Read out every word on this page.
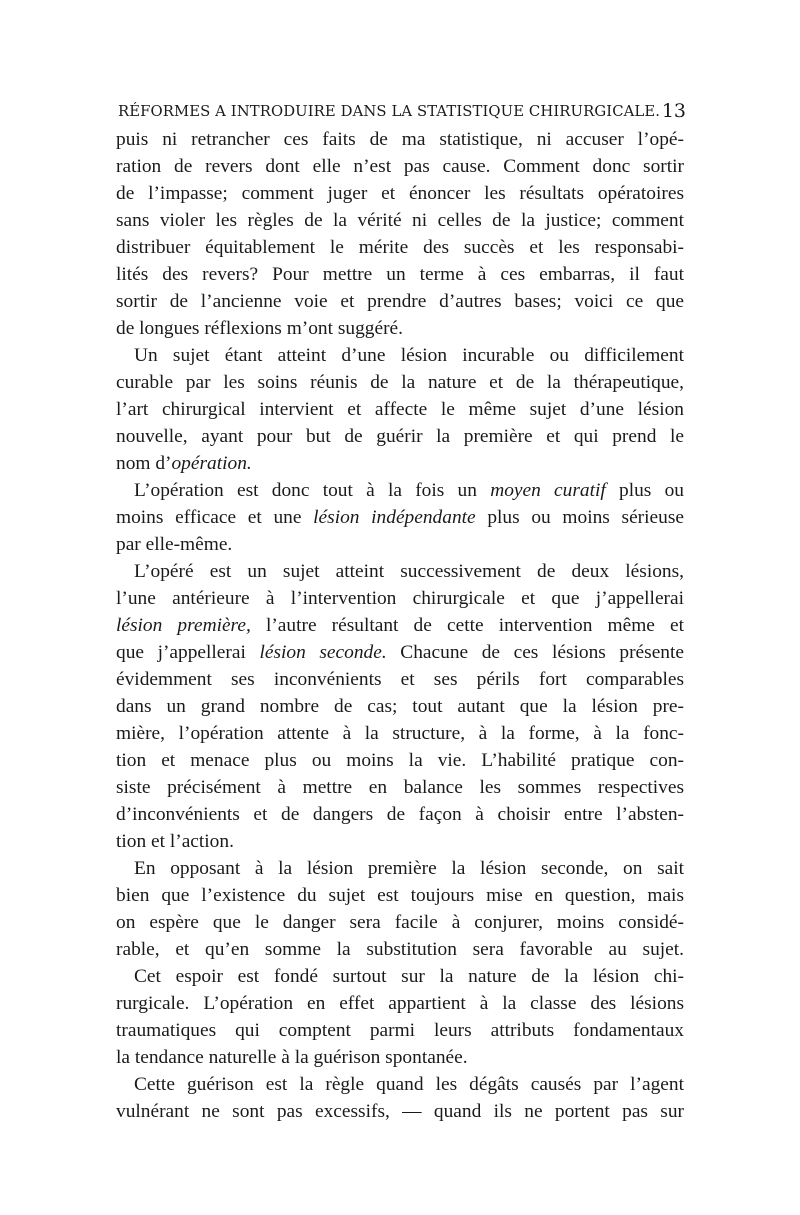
RÉFORMES A INTRODUIRE DANS LA STATISTIQUE CHIRURGICALE. 13
puis ni retrancher ces faits de ma statistique, ni accuser l’opé-
ration de revers dont elle n’est pas cause. Comment donc sortir
de l’impasse; comment juger et énoncer les résultats opératoires
sans violer les règles de la vérité ni celles de la justice; comment
distribuer équitablement le mérite des succès et les responsabi-
lités des revers? Pour mettre un terme à ces embarras, il faut
sortir de l’ancienne voie et prendre d’autres bases; voici ce que
de longues réflexions m’ont suggéré.
Un sujet étant atteint d’une lésion incurable ou difficilement
curable par les soins réunis de la nature et de la thérapeutique,
l’art chirurgical intervient et affecte le même sujet d’une lésion
nouvelle, ayant pour but de guérir la première et qui prend le
nom d’opération.
L’opération est donc tout à la fois un moyen curatif plus ou
moins efficace et une lésion indépendante plus ou moins sérieuse
par elle-même.
L’opéré est un sujet atteint successivement de deux lésions,
l’une antérieure à l’intervention chirurgicale et que j’appellerai
lésion première, l’autre résultant de cette intervention même et
que j’appellerai lésion seconde. Chacune de ces lésions présente
évidemment ses inconvénients et ses périls fort comparables
dans un grand nombre de cas; tout autant que la lésion pre-
mière, l’opération attente à la structure, à la forme, à la fonc-
tion et menace plus ou moins la vie. L’habilité pratique con-
siste précisément à mettre en balance les sommes respectives
d’inconvénients et de dangers de façon à choisir entre l’absten-
tion et l’action.
En opposant à la lésion première la lésion seconde, on sait
bien que l’existence du sujet est toujours mise en question, mais
on espère que le danger sera facile à conjurer, moins considé-
rable, et qu’en somme la substitution sera favorable au sujet.
Cet espoir est fondé surtout sur la nature de la lésion chi-
rurgicale. L’opération en effet appartient à la classe des lésions
traumatiques qui comptent parmi leurs attributs fondamentaux
la tendance naturelle à la guérison spontanée.
Cette guérison est la règle quand les dégâts causés par l’agent
vulnérant ne sont pas excessifs, — quand ils ne portent pas sur
